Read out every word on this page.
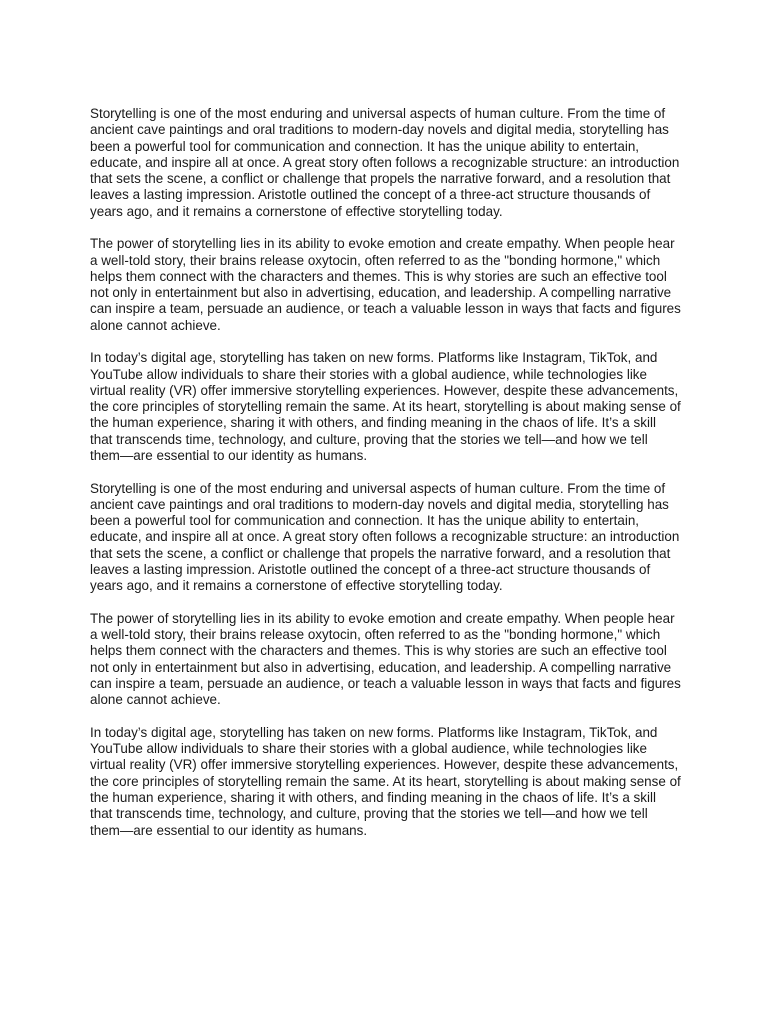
Storytelling is one of the most enduring and universal aspects of human culture. From the time of ancient cave paintings and oral traditions to modern-day novels and digital media, storytelling has been a powerful tool for communication and connection. It has the unique ability to entertain, educate, and inspire all at once. A great story often follows a recognizable structure: an introduction that sets the scene, a conflict or challenge that propels the narrative forward, and a resolution that leaves a lasting impression. Aristotle outlined the concept of a three-act structure thousands of years ago, and it remains a cornerstone of effective storytelling today.

The power of storytelling lies in its ability to evoke emotion and create empathy. When people hear a well-told story, their brains release oxytocin, often referred to as the "bonding hormone," which helps them connect with the characters and themes. This is why stories are such an effective tool not only in entertainment but also in advertising, education, and leadership. A compelling narrative can inspire a team, persuade an audience, or teach a valuable lesson in ways that facts and figures alone cannot achieve.

In today’s digital age, storytelling has taken on new forms. Platforms like Instagram, TikTok, and YouTube allow individuals to share their stories with a global audience, while technologies like virtual reality (VR) offer immersive storytelling experiences. However, despite these advancements, the core principles of storytelling remain the same. At its heart, storytelling is about making sense of the human experience, sharing it with others, and finding meaning in the chaos of life. It’s a skill that transcends time, technology, and culture, proving that the stories we tell—and how we tell them—are essential to our identity as humans.

Storytelling is one of the most enduring and universal aspects of human culture. From the time of ancient cave paintings and oral traditions to modern-day novels and digital media, storytelling has been a powerful tool for communication and connection. It has the unique ability to entertain, educate, and inspire all at once. A great story often follows a recognizable structure: an introduction that sets the scene, a conflict or challenge that propels the narrative forward, and a resolution that leaves a lasting impression. Aristotle outlined the concept of a three-act structure thousands of years ago, and it remains a cornerstone of effective storytelling today.

The power of storytelling lies in its ability to evoke emotion and create empathy. When people hear a well-told story, their brains release oxytocin, often referred to as the "bonding hormone," which helps them connect with the characters and themes. This is why stories are such an effective tool not only in entertainment but also in advertising, education, and leadership. A compelling narrative can inspire a team, persuade an audience, or teach a valuable lesson in ways that facts and figures alone cannot achieve.

In today’s digital age, storytelling has taken on new forms. Platforms like Instagram, TikTok, and YouTube allow individuals to share their stories with a global audience, while technologies like virtual reality (VR) offer immersive storytelling experiences. However, despite these advancements, the core principles of storytelling remain the same. At its heart, storytelling is about making sense of the human experience, sharing it with others, and finding meaning in the chaos of life. It’s a skill that transcends time, technology, and culture, proving that the stories we tell—and how we tell them—are essential to our identity as humans.
